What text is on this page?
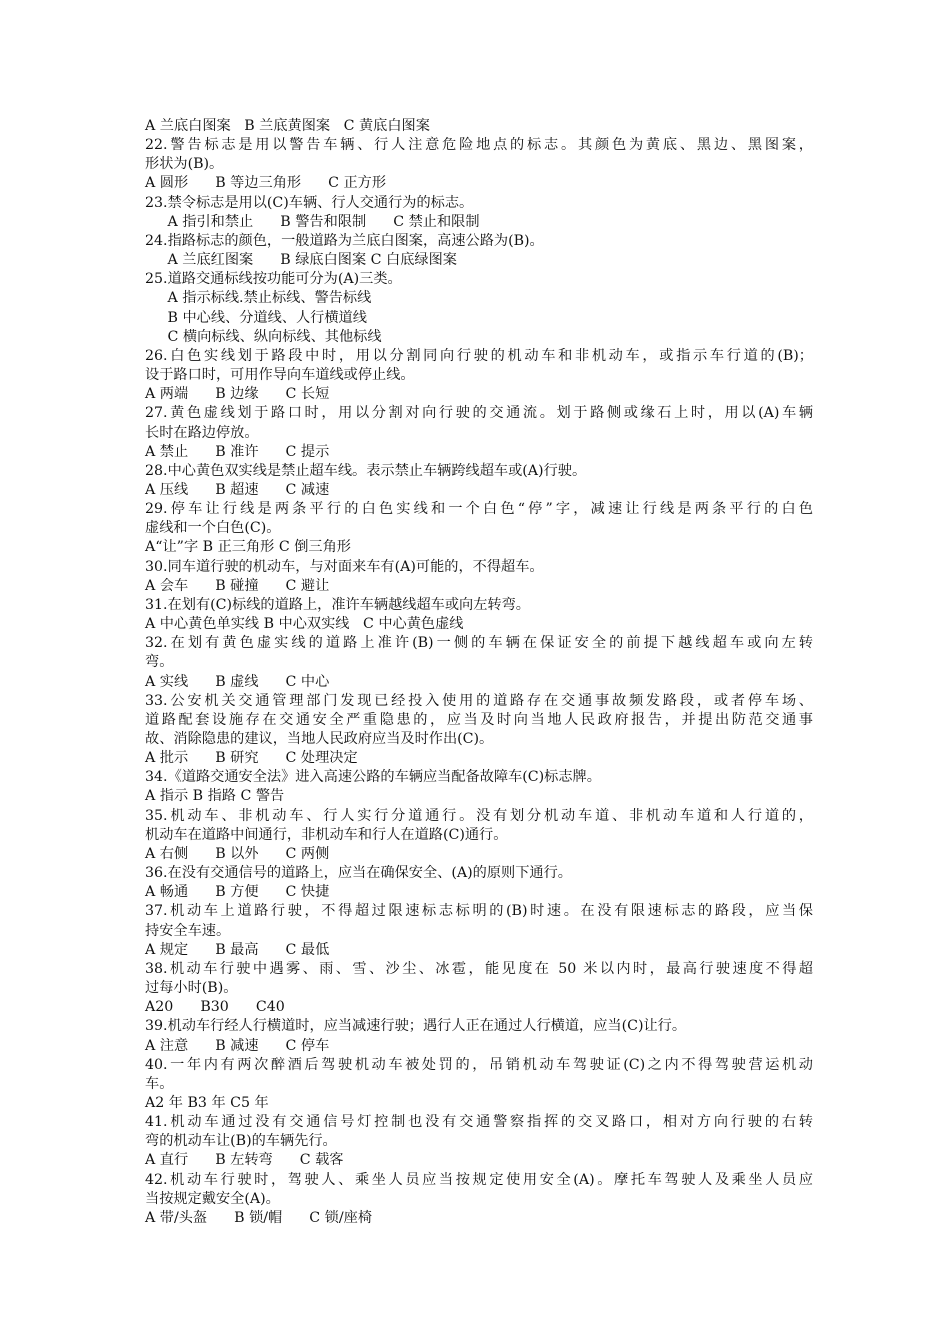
A 兰底白图案   B 兰底黄图案   C 黄底白图案
22.警告标志是用以警告车辆、行人注意危险地点的标志。其颜色为黄底、黑边、黑图案，
形状为(B)。
A 圆形      B 等边三角形      C 正方形
23.禁令标志是用以(C)车辆、行人交通行为的标志。
A 指引和禁止      B 警告和限制      C 禁止和限制
24.指路标志的颜色，一般道路为兰底白图案，高速公路为(B)。
A 兰底红图案      B 绿底白图案 C 白底绿图案
25.道路交通标线按功能可分为(A)三类。
A 指示标线.禁止标线、警告标线
B 中心线、分道线、人行横道线
C 横向标线、纵向标线、其他标线
26.白色实线划于路段中时，用以分割同向行驶的机动车和非机动车，或指示车行道的(B)；
设于路口时，可用作导向车道线或停止线。
A 两端      B 边缘      C 长短
27.黄色虚线划于路口时，用以分割对向行驶的交通流。划于路侧或缘石上时，用以(A)车辆
长时在路边停放。
A 禁止      B 准许      C 提示
28.中心黄色双实线是禁止超车线。表示禁止车辆跨线超车或(A)行驶。
A 压线      B 超速      C 减速
29.停车让行线是两条平行的白色实线和一个白色“停”字，减速让行线是两条平行的白色
虚线和一个白色(C)。
A“让”字 B 正三角形 C 倒三角形
30.同车道行驶的机动车，与对面来车有(A)可能的，不得超车。
A 会车      B 碰撞      C 避让
31.在划有(C)标线的道路上，准许车辆越线超车或向左转弯。
A 中心黄色单实线 B 中心双实线   C 中心黄色虚线
32.在划有黄色虚实线的道路上准许(B)一侧的车辆在保证安全的前提下越线超车或向左转
弯。
A 实线      B 虚线      C 中心
33.公安机关交通管理部门发现已经投入使用的道路存在交通事故频发路段，或者停车场、
道路配套设施存在交通安全严重隐患的，应当及时向当地人民政府报告，并提出防范交通事
故、消除隐患的建议，当地人民政府应当及时作出(C)。
A 批示      B 研究      C 处理决定
34.《道路交通安全法》进入高速公路的车辆应当配备故障车(C)标志牌。
A 指示 B 指路 C 警告
35.机动车、非机动车、行人实行分道通行。没有划分机动车道、非机动车道和人行道的，
机动车在道路中间通行，非机动车和行人在道路(C)通行。
A 右侧      B 以外      C 两侧
36.在没有交通信号的道路上，应当在确保安全、(A)的原则下通行。
A 畅通      B 方便      C 快捷
37.机动车上道路行驶，不得超过限速标志标明的(B)时速。在没有限速标志的路段，应当保
持安全车速。
A 规定      B 最高      C 最低
38.机动车行驶中遇雾、雨、雪、沙尘、冰雹，能见度在 50 米以内时，最高行驶速度不得超
过每小时(B)。
A20      B30      C40
39.机动车行经人行横道时，应当减速行驶；遇行人正在通过人行横道，应当(C)让行。
A 注意      B 减速      C 停车
40.一年内有两次醉酒后驾驶机动车被处罚的，吊销机动车驾驶证(C)之内不得驾驶营运机动
车。
A2 年 B3 年 C5 年
41.机动车通过没有交通信号灯控制也没有交通警察指挥的交叉路口，相对方向行驶的右转
弯的机动车让(B)的车辆先行。
A 直行      B 左转弯      C 载客
42.机动车行驶时，驾驶人、乘坐人员应当按规定使用安全(A)。摩托车驾驶人及乘坐人员应
当按规定戴安全(A)。
A 带/头盔      B 锁/帽      C 锁/座椅
